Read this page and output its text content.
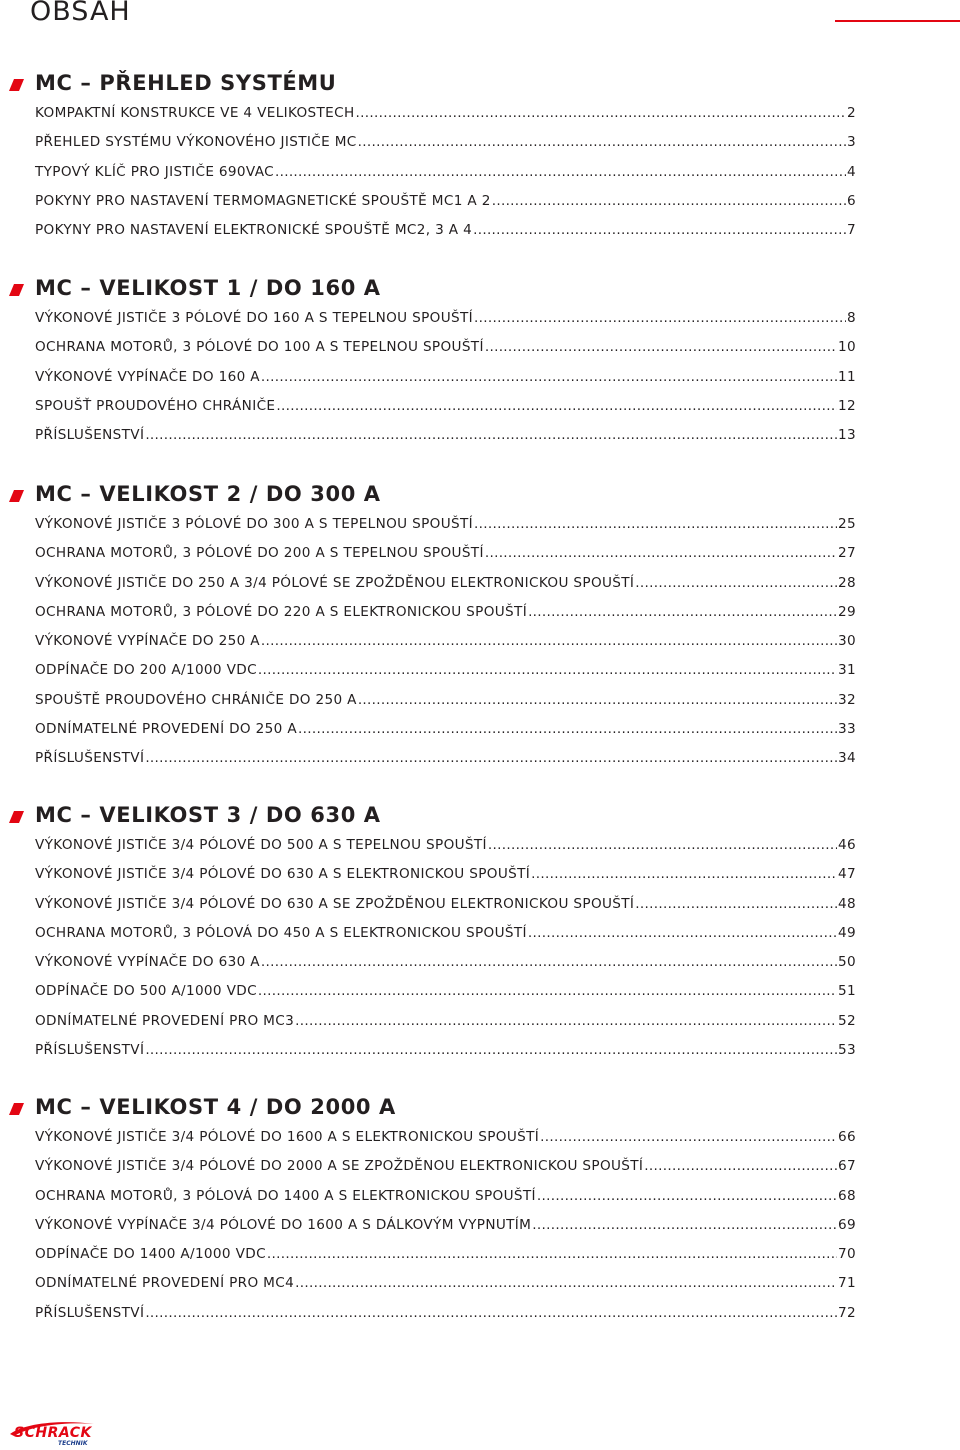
OBSAH
MC – PŘEHLED SYSTÉMU
KOMPAKTNÍ KONSTRUKCE VE 4 VELIKOSTECH .....	2
PŘEHLED SYSTÉMU VÝKONOVÉHO JISTIČE MC .....	3
TYPOVÝ KLÍČ PRO JISTIČE 690VAC .....	4
POKYNY PRO NASTAVENÍ TERMOMAGNETICKÉ SPOUŠTĚ MC1 A 2 .....	6
POKYNY PRO NASTAVENÍ ELEKTRONICKÉ SPOUŠTĚ MC2, 3 A 4 .....	7
MC – VELIKOST 1 / DO 160 A
VÝKONOVÉ JISTIČE 3 PÓLOVÉ DO 160 A S TEPELNOU SPOUŠTÍ .....	8
OCHRANA MOTORŮ, 3 PÓLOVÉ DO 100 A S TEPELNOU SPOUŠTÍ .....	10
VÝKONOVÉ VYPÍNAČE DO 160 A .....	11
SPOUŠŤ PROUDOVÉHO CHRÁNIČE .....	12
PŘÍSLUŠENSTVÍ .....	13
MC – VELIKOST 2 / DO 300 A
VÝKONOVÉ JISTIČE 3 PÓLOVÉ DO 300 A S TEPELNOU SPOUŠTÍ .....	25
OCHRANA MOTORŮ, 3 PÓLOVÉ DO 200 A S TEPELNOU SPOUŠTÍ .....	27
VÝKONOVÉ JISTIČE DO 250 A 3/4 PÓLOVÉ SE ZPOŽDĚNOU ELEKTRONICKOU SPOUŠTÍ .....	28
OCHRANA MOTORŮ, 3 PÓLOVÉ DO 220 A S ELEKTRONICKOU SPOUŠTÍ .....	29
VÝKONOVÉ VYPÍNAČE DO 250 A .....	30
ODPÍNAČE DO 200 A/1000 VDC .....	31
SPOUŠTĚ PROUDOVÉHO CHRÁNIČE DO 250 A .....	32
ODNÍMATELNÉ PROVEDENÍ DO 250 A .....	33
PŘÍSLUŠENSTVÍ .....	34
MC – VELIKOST 3 / DO 630 A
VÝKONOVÉ JISTIČE 3/4 PÓLOVÉ DO 500 A S TEPELNOU SPOUŠTÍ .....	46
VÝKONOVÉ JISTIČE 3/4 PÓLOVÉ DO 630 A S ELEKTRONICKOU SPOUŠTÍ .....	47
VÝKONOVÉ JISTIČE 3/4 PÓLOVÉ DO 630 A SE ZPOŽDĚNOU ELEKTRONICKOU SPOUŠTÍ .....	48
OCHRANA MOTORŮ, 3 PÓLOVÁ DO 450 A S ELEKTRONICKOU SPOUŠTÍ .....	49
VÝKONOVÉ VYPÍNAČE DO 630 A .....	50
ODPÍNAČE DO 500 A/1000 VDC .....	51
ODNÍMATELNÉ PROVEDENÍ PRO MC3 .....	52
PŘÍSLUŠENSTVÍ .....	53
MC – VELIKOST 4 / DO 2000 A
VÝKONOVÉ JISTIČE 3/4 PÓLOVÉ DO 1600 A S ELEKTRONICKOU SPOUŠTÍ .....	66
VÝKONOVÉ JISTIČE 3/4 PÓLOVÉ DO 2000 A SE ZPOŽDĚNOU ELEKTRONICKOU SPOUŠTÍ .....	67
OCHRANA MOTORŮ, 3 PÓLOVÁ DO 1400 A S ELEKTRONICKOU SPOUŠTÍ .....	68
VÝKONOVÉ VYPÍNAČE 3/4 PÓLOVÉ DO 1600 A S DÁLKOVÝM VYPNUTÍM .....	69
ODPÍNAČE DO 1400 A/1000 VDC .....	70
ODNÍMATELNÉ PROVEDENÍ PRO MC4 .....	71
PŘÍSLUŠENSTVÍ .....	72
SCHRACK
TECHNIK
